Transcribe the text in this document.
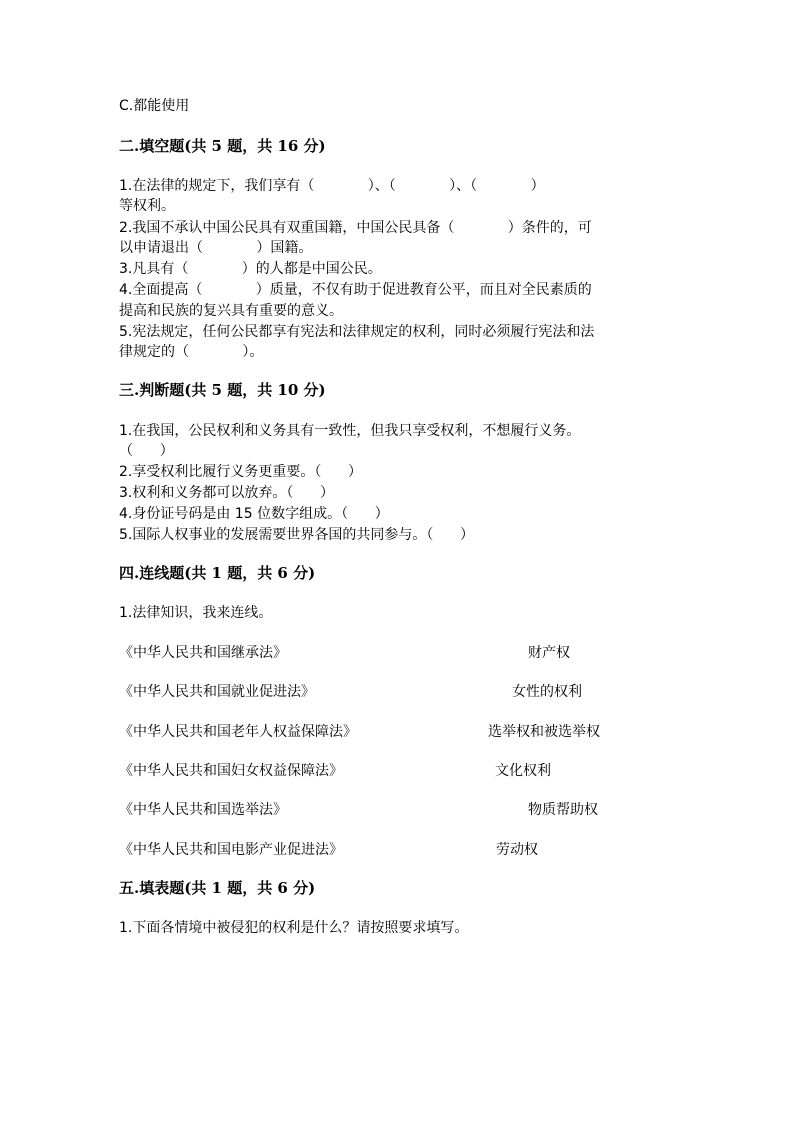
C.都能使用
二.填空题(共 5 题，共 16 分)
1.在法律的规定下，我们享有（            ）、（            ）、（            ）
等权利。
2.我国不承认中国公民具有双重国籍，中国公民具备（            ）条件的，可
以申请退出（            ）国籍。
3.凡具有（            ）的人都是中国公民。
4.全面提高（            ）质量，不仅有助于促进教育公平，而且对全民素质的
提高和民族的复兴具有重要的意义。
5.宪法规定，任何公民都享有宪法和法律规定的权利，同时必须履行宪法和法
律规定的（            ）。
三.判断题(共 5 题，共 10 分)
1.在我国，公民权利和义务具有一致性，但我只享受权利，不想履行义务。
（      ）
2.享受权利比履行义务更重要。（      ）
3.权利和义务都可以放弃。（      ）
4.身份证号码是由 15 位数字组成。（      ）
5.国际人权事业的发展需要世界各国的共同参与。（      ）
四.连线题(共 1 题，共 6 分)
1.法律知识，我来连线。
《中华人民共和国继承法》	财产权
《中华人民共和国就业促进法》	女性的权利
《中华人民共和国老年人权益保障法》	选举权和被选举权
《中华人民共和国妇女权益保障法》	文化权利
《中华人民共和国选举法》	物质帮助权
《中华人民共和国电影产业促进法》	劳动权
五.填表题(共 1 题，共 6 分)
1.下面各情境中被侵犯的权利是什么？请按照要求填写。
